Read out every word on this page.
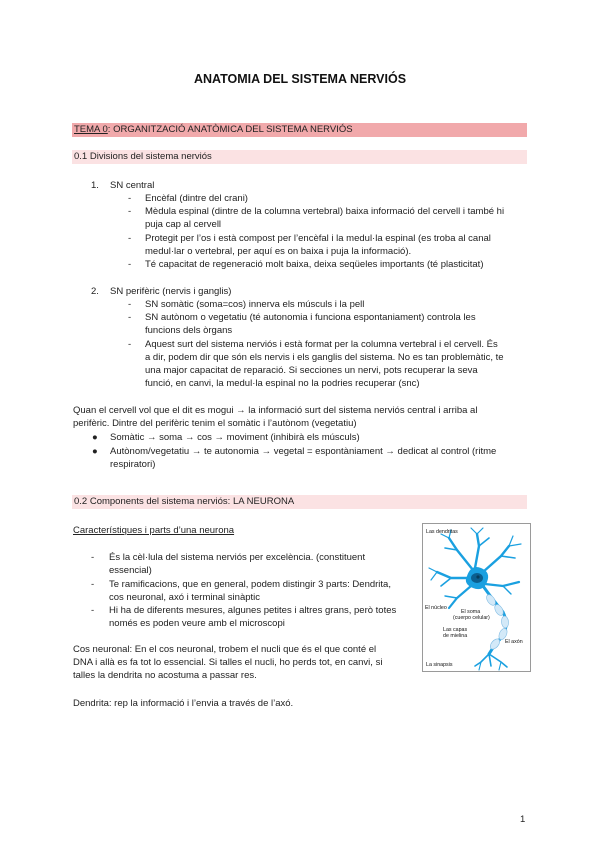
ANATOMIA DEL SISTEMA NERVIÓS
TEMA 0: ORGANITZACIÓ ANATÒMICA DEL SISTEMA NERVIÓS
0.1 Divisions del sistema nerviós
1. SN central
- Encèfal (dintre del crani)
- Mèdula espinal (dintre de la columna vertebral) baixa informació del cervell i també hi
puja cap al cervell
- Protegit per l’os i està compost per l’encèfal i la medul·la espinal (es troba al canal
medul·lar o vertebral, per aquí es on baixa i puja la informació).
- Té capacitat de regeneració molt baixa, deixa seqüeles importants (té plasticitat)
2. SN perifèric (nervis i ganglis)
- SN somàtic (soma=cos) innerva els músculs i la pell
- SN autònom o vegetatiu (té autonomia i funciona espontaniament) controla les
funcions dels òrgans
- Aquest surt del sistema nerviós i està format per la columna vertebral i el cervell. És
a dir, podem dir que són els nervis i els ganglis del sistema. No es tan problemàtic, te
una major capacitat de reparació. Si secciones un nervi, pots recuperar la seva
funció, en canvi, la medul·la espinal no la podries recuperar (snc)
Quan el cervell vol que el dit es mogui → la informació surt del sistema nerviós central i arriba al
perifèric. Dintre del perifèric tenim el somàtic i l’autònom (vegetatiu)
● Somàtic → soma → cos → moviment (inhibirà els músculs)
● Autònom/vegetatiu → te autonomia → vegetal = espontàniament → dedicat al control (ritme
respiratori)
0.2 Components del sistema nerviós: LA NEURONA
Característiques i parts d’una neurona
- És la cèl·lula del sistema nerviós per excelència. (constituent
essencial)
- Te ramificacions, que en general, podem distingir 3 parts: Dendrita,
cos neuronal, axó i terminal sinàptic
- Hi ha de diferents mesures, algunes petites i altres grans, però totes
només es poden veure amb el microscopi
Cos neuronal: En el cos neuronal, trobem el nucli que és el que conté el
DNA i allà es fa tot lo essencial. Si talles el nucli, ho perds tot, en canvi, si
talles la dendrita no acostuma a passar res.
Dendrita: rep la informació i l’envia a través de l’axó.
Las dendritas
El núcleo
El soma
(cuerpo celular)
Las capas
de mielina
El axón
La sinapsis
1
